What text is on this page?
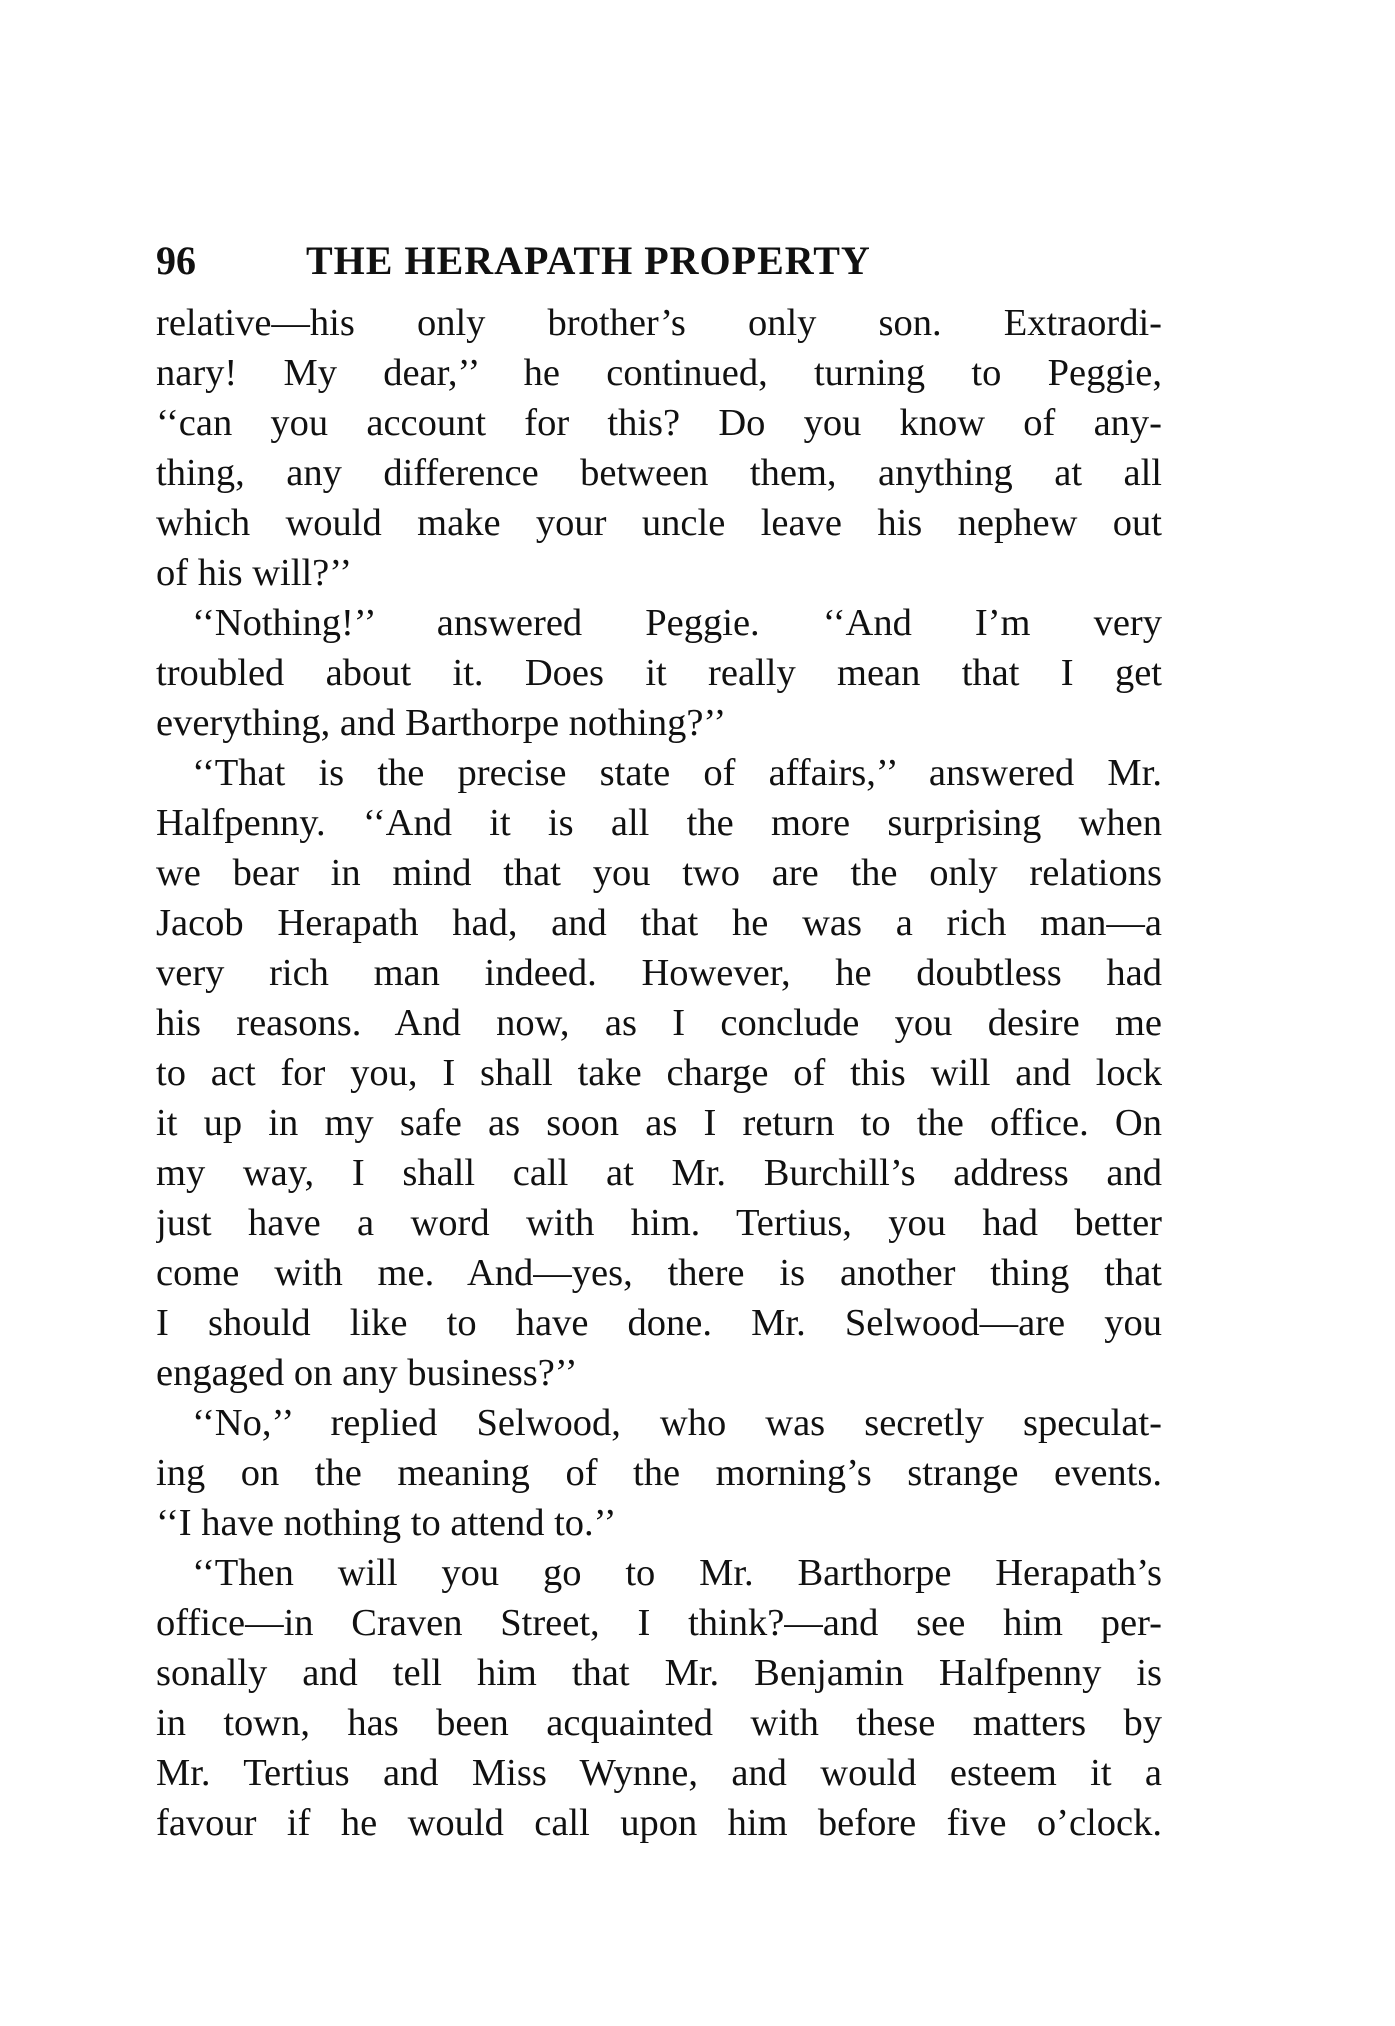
96	THE HERAPATH PROPERTY
relative—his only brother’s only son. Extraordi-
nary! My dear,’’ he continued, turning to Peggie,
‘‘can you account for this? Do you know of any-
thing, any difference between them, anything at all
which would make your uncle leave his nephew out
of his will?’’
‘‘Nothing!’’ answered Peggie. ‘‘And I’m very
troubled about it. Does it really mean that I get
everything, and Barthorpe nothing?’’
‘‘That is the precise state of affairs,’’ answered Mr.
Halfpenny. ‘‘And it is all the more surprising when
we bear in mind that you two are the only relations
Jacob Herapath had, and that he was a rich man—a
very rich man indeed. However, he doubtless had
his reasons. And now, as I conclude you desire me
to act for you, I shall take charge of this will and lock
it up in my safe as soon as I return to the office. On
my way, I shall call at Mr. Burchill’s address and
just have a word with him. Tertius, you had better
come with me. And—yes, there is another thing that
I should like to have done. Mr. Selwood—are you
engaged on any business?’’
‘‘No,’’ replied Selwood, who was secretly speculat-
ing on the meaning of the morning’s strange events.
‘‘I have nothing to attend to.’’
‘‘Then will you go to Mr. Barthorpe Herapath’s
office—in Craven Street, I think?—and see him per-
sonally and tell him that Mr. Benjamin Halfpenny is
in town, has been acquainted with these matters by
Mr. Tertius and Miss Wynne, and would esteem it a
favour if he would call upon him before five o’clock.
